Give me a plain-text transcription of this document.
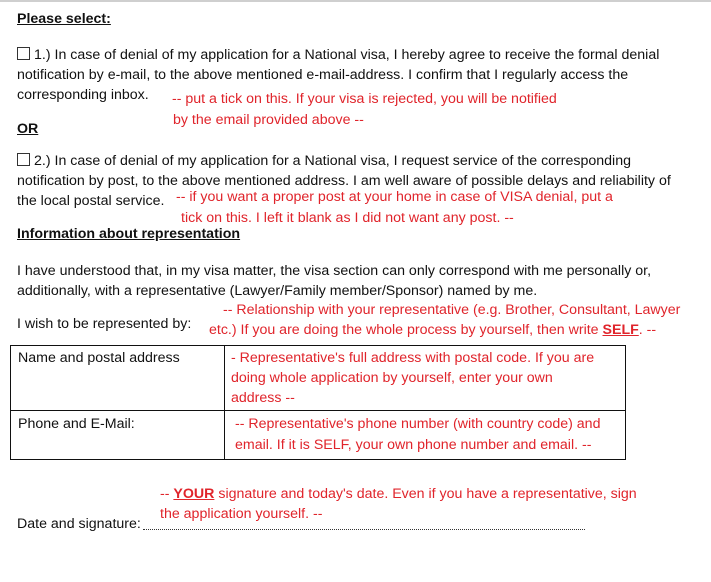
Please select:
1.) In case of denial of my application for a National visa, I hereby agree to receive the formal denial
notification by e-mail, to the above mentioned e-mail-address. I confirm that I regularly access the
corresponding inbox. -- put a tick on this. If your visa is rejected, you will be notified
by the email provided above --
OR
2.) In case of denial of my application for a National visa, I request service of the corresponding
notification by post, to the above mentioned address. I am well aware of possible delays and reliability of
the local postal service. -- if you want a proper post at your home in case of VISA denial, put a
tick on this. I left it blank as I did not want any post. --
Information about representation
I have understood that, in my visa matter, the visa section can only correspond with me personally or,
additionally, with a representative (Lawyer/Family member/Sponsor) named by me.
I wish to be represented by:
-- Relationship with your representative (e.g. Brother, Consultant, Lawyer
etc.) If you are doing the whole process by yourself, then write SELF. --
Name and postal address	- Representative's full address with postal code. If you are
doing whole application by yourself, enter your own
address --

Phone and E-Mail:	-- Representative's phone number (with country code) and
email. If it is SELF, your own phone number and email. --
-- YOUR signature and today's date. Even if you have a representative, sign
the application yourself. --
Date and signature:
